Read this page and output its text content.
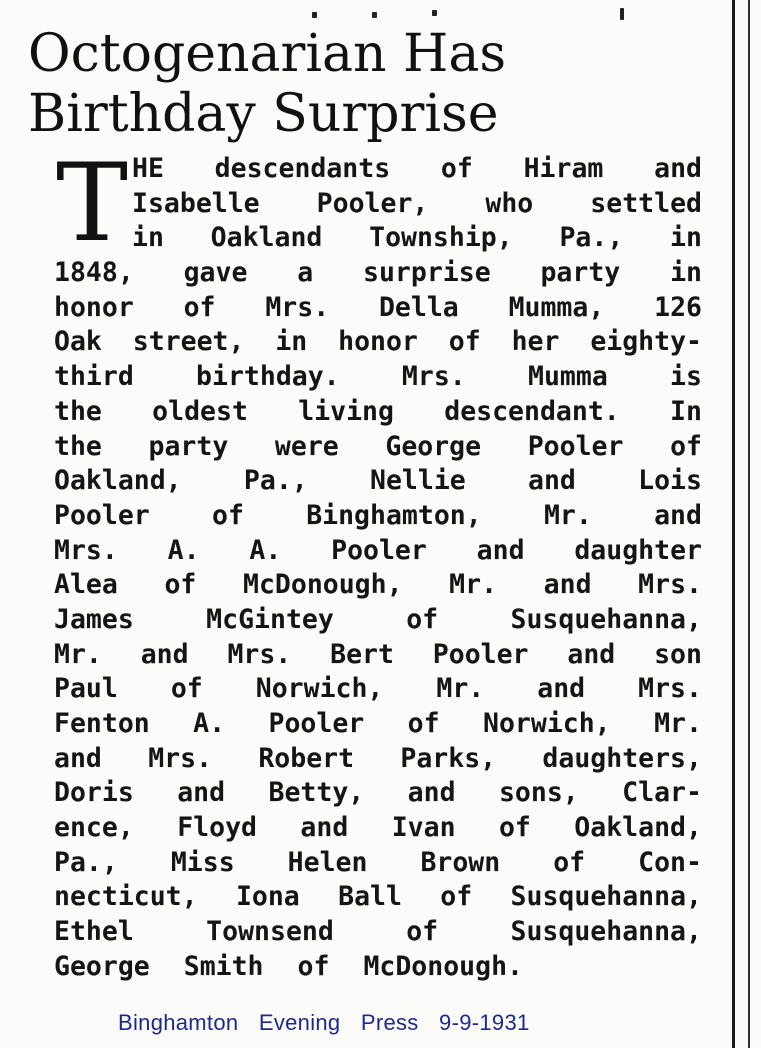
Octogenarian Has
Birthday Surprise
T HE descendants of Hiram and
Isabelle Pooler, who settled
in Oakland Township, Pa., in
1848, gave a surprise party in
honor of Mrs. Della Mumma, 126
Oak street, in honor of her eighty-
third birthday. Mrs. Mumma is
the oldest living descendant. In
the party were George Pooler of
Oakland, Pa., Nellie and Lois
Pooler of Binghamton, Mr. and
Mrs. A. A. Pooler and daughter
Alea of McDonough, Mr. and Mrs.
James	McGintey	of	Susquehanna,
Mr. and Mrs. Bert Pooler and son
Paul of Norwich, Mr. and Mrs.
Fenton A. Pooler of Norwich, Mr.
and Mrs. Robert Parks, daughters,
Doris and Betty, and sons, Clar-
ence, Floyd and Ivan of Oakland,
Pa., Miss Helen Brown of Con-
necticut, Iona Ball of Susquehanna,
Ethel	Townsend	of	Susquehanna,
George Smith of McDonough.
Binghamton Evening Press 9-9-1931
